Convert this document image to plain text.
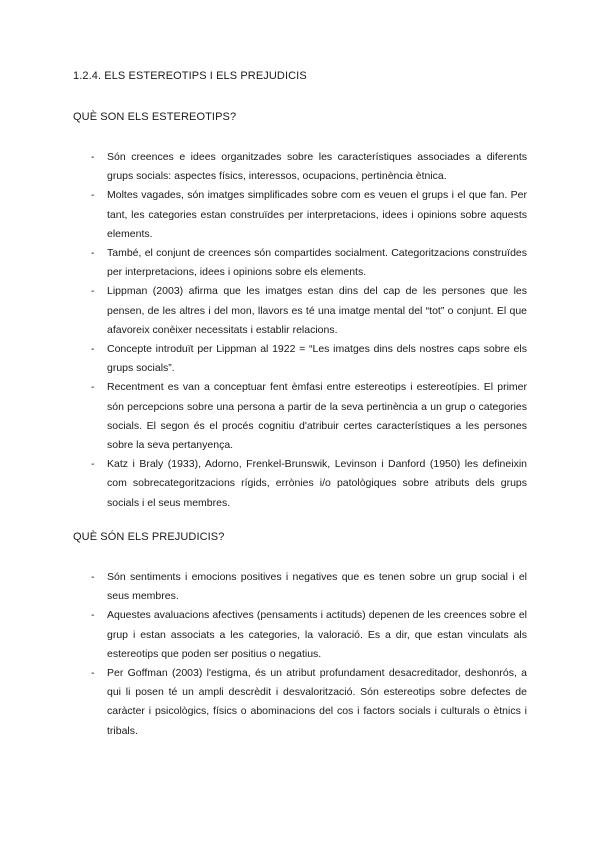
1.2.4. ELS ESTEREOTIPS I ELS PREJUDICIS
QUÈ SON ELS ESTEREOTIPS?
- Són creences e idees organitzades sobre les característiques associades a diferents grups socials: aspectes físics, interessos, ocupacions, pertinència ètnica.
- Moltes vagades, són imatges simplificades sobre com es veuen el grups i el que fan. Per tant, les categories estan construïdes per interpretacions, idees i opinions sobre aquests elements.
- També, el conjunt de creences són compartides socialment. Categoritzacions construïdes per interpretacions, idees i opinions sobre els elements.
- Lippman (2003) afirma que les imatges estan dins del cap de les persones que les pensen, de les altres i del mon, llavors es té una imatge mental del “tot” o conjunt. El que afavoreix conèixer necessitats i establir relacions.
- Concepte introduït per Lippman al 1922 = “Les imatges dins dels nostres caps sobre els grups socials”.
- Recentment es van a conceptuar fent èmfasi entre estereotips i estereotípies. El primer són percepcions sobre una persona a partir de la seva pertinència a un grup o categories socials. El segon és el procés cognitiu d'atribuir certes característiques a les persones sobre la seva pertanyença.
- Katz i Braly (1933), Adorno, Frenkel-Brunswik, Levinson i Danford (1950) les defineixin com sobrecategoritzacions rígids, errònies i/o patològiques sobre atributs dels grups socials i el seus membres.
QUÈ SÓN ELS PREJUDICIS?
- Són sentiments i emocions positives i negatives que es tenen sobre un grup social i el seus membres.
- Aquestes avaluacions afectives (pensaments i actituds) depenen de les creences sobre el grup i estan associats a les categories, la valoració. Es a dir, que estan vinculats als estereotips que poden ser positius o negatius.
- Per Goffman (2003) l'estigma, és un atribut profundament desacreditador, deshonrós, a qui li posen té un ampli descrèdit i desvalorització. Són estereotips sobre defectes de caràcter i psicològics, físics o abominacions del cos i factors socials i culturals o ètnics i tribals.
